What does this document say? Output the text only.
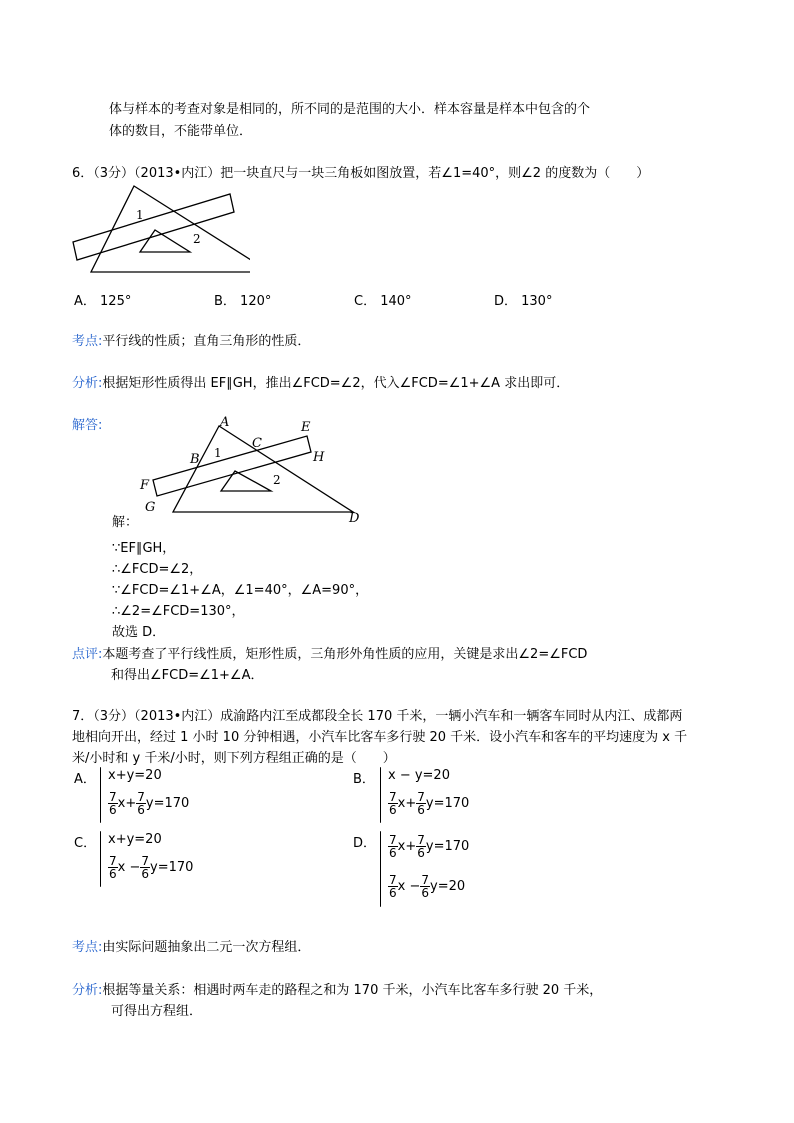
体与样本的考查对象是相同的，所不同的是范围的大小．样本容量是样本中包含的个
体的数目，不能带单位．
6．（3分）（2013•内江）把一块直尺与一块三角板如图放置，若∠1=40°，则∠2 的度数为（　　）
1
2
A． 125°	B． 120°	C． 140°	D． 130°
考点:平行线的性质；直角三角形的性质．
分析:根据矩形性质得出 EF∥GH，推出∠FCD=∠2，代入∠FCD=∠1+∠A 求出即可．
解答:	A	E
C
H
B 1
2
F
G
D
解：
∵EF∥GH，
∴∠FCD=∠2，
∵∠FCD=∠1+∠A，∠1=40°，∠A=90°，
∴∠2=∠FCD=130°，
故选 D．
点评:本题考查了平行线性质，矩形性质，三角形外角性质的应用，关键是求出∠2=∠FCD
和得出∠FCD=∠1+∠A．
7．（3分）（2013•内江）成渝路内江至成都段全长 170 千米，一辆小汽车和一辆客车同时从内江、成都两
地相向开出，经过 1 小时 10 分钟相遇，小汽车比客车多行驶 20 千米．设小汽车和客车的平均速度为 x 千
米/小时和 y 千米/小时，则下列方程组正确的是（　　）
A． x+y=20
$\frac{7}{6} x+ \frac{7}{6} y=170$
B． x − y=20
$\frac{7}{6} x+ \frac{7}{6} y=170$
C． x+y=20
$\frac{7}{6}$ $x - \frac{7}{6} y=170$
D． $\frac{7}{6} x+ \frac{7}{6} y=170$
$\frac{7}{6}$ $x - \frac{7}{6} y=20$
考点:由实际问题抽象出二元一次方程组．
分析:根据等量关系：相遇时两车走的路程之和为 170 千米，小汽车比客车多行驶 20 千米，
可得出方程组．
